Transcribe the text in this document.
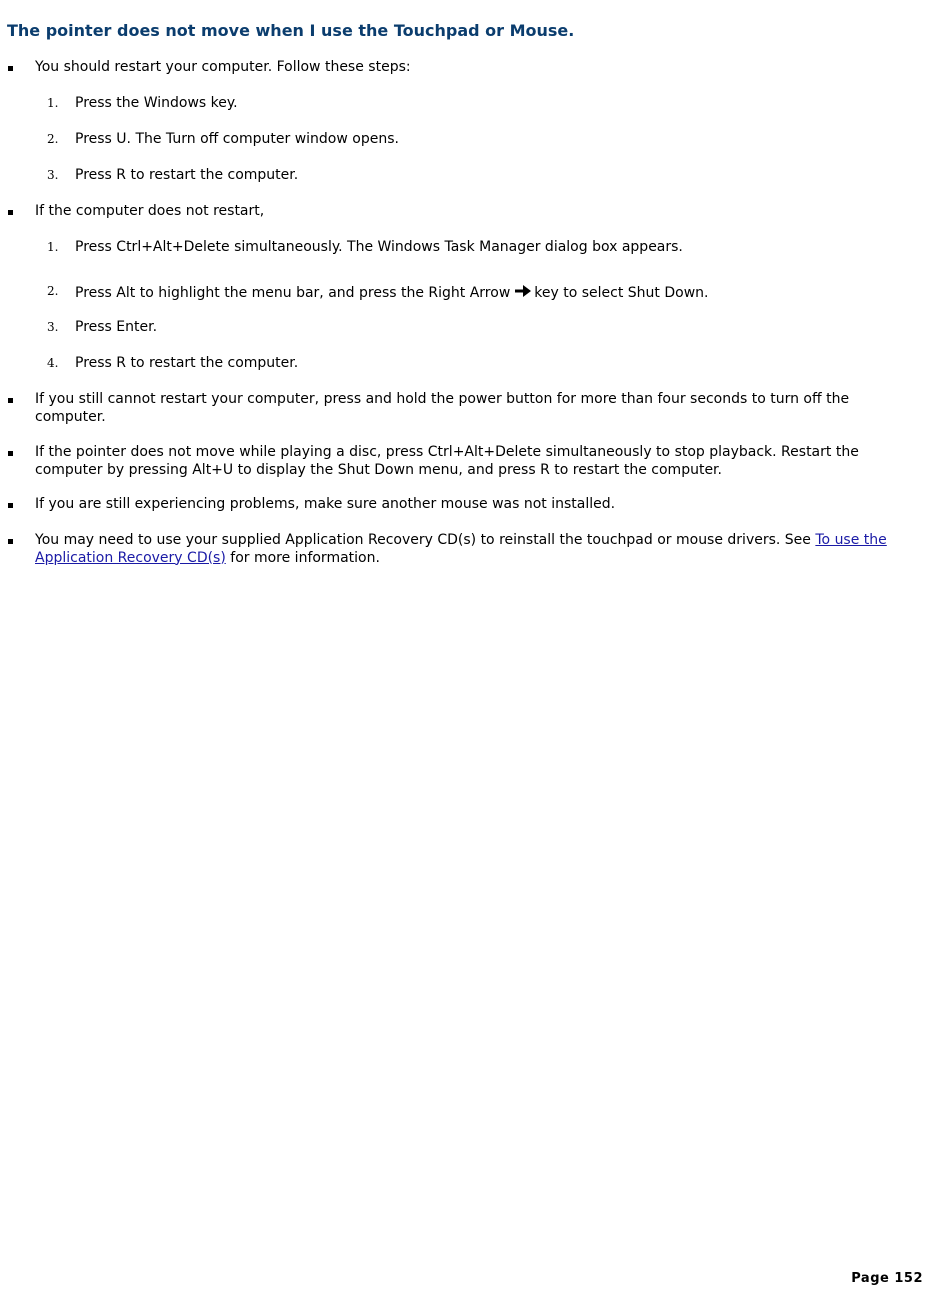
The pointer does not move when I use the Touchpad or Mouse.
You should restart your computer. Follow these steps:
1.	Press the Windows key.
2.	Press U. The Turn off computer window opens.
3.	Press R to restart the computer.
If the computer does not restart,
1.	Press Ctrl+Alt+Delete simultaneously. The Windows Task Manager dialog box appears.
2.	Press Alt to highlight the menu bar, and press the Right Arrow key to select Shut Down.
3.	Press Enter.
4.	Press R to restart the computer.
If you still cannot restart your computer, press and hold the power button for more than four seconds to turn off the computer.
If the pointer does not move while playing a disc, press Ctrl+Alt+Delete simultaneously to stop playback. Restart the computer by pressing Alt+U to display the Shut Down menu, and press R to restart the computer.
If you are still experiencing problems, make sure another mouse was not installed.
You may need to use your supplied Application Recovery CD(s) to reinstall the touchpad or mouse drivers. See To use the Application Recovery CD(s) for more information.
Page 152
